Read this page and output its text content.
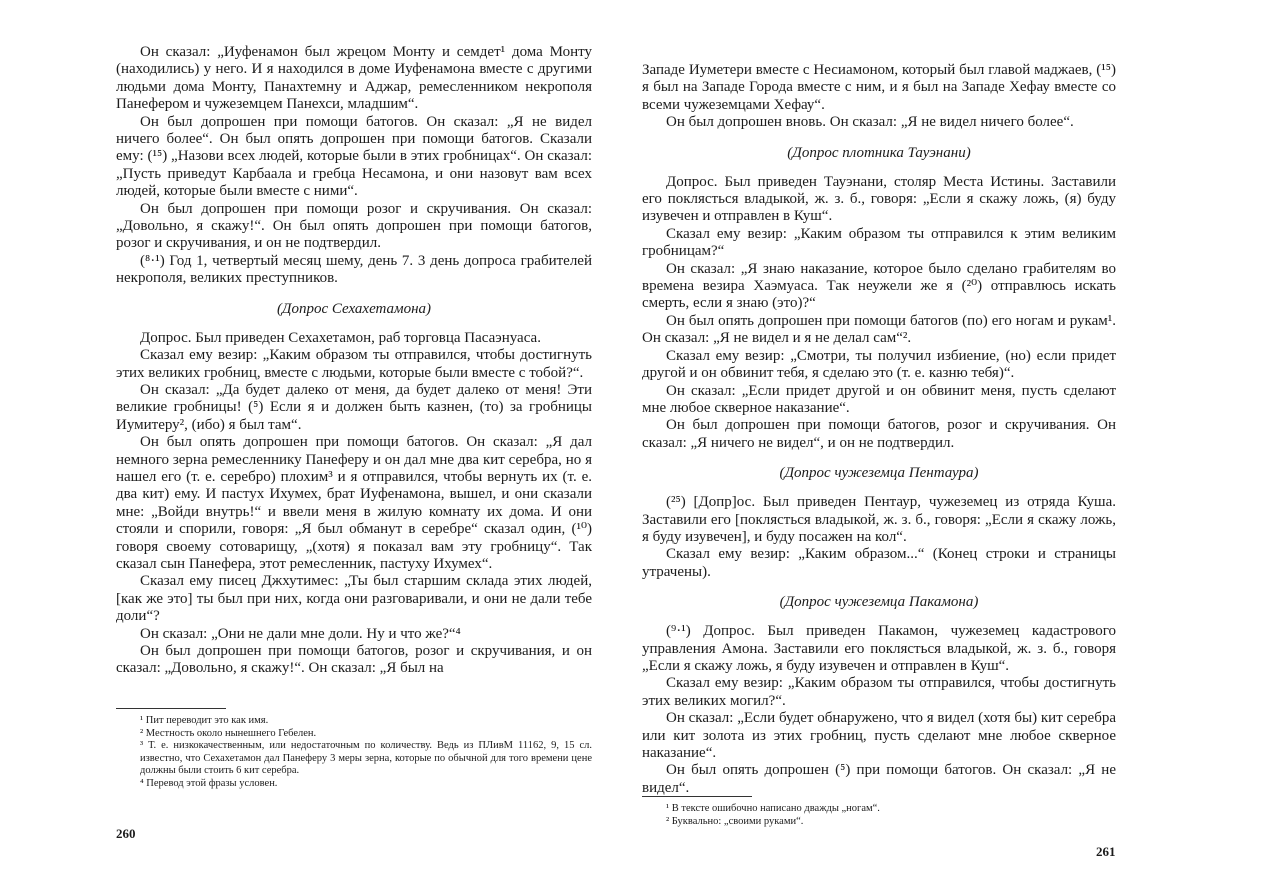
Он сказал: „Иуфенамон был жрецом Монту и семдет¹ дома Монту (находились) у него. И я находился в доме Иуфенамона вместе с другими людьми дома Монту, Панахтемну и Аджар, ремесленником некрополя Панефером и чужеземцем Панехси, младшим“.

Он был допрошен при помощи батогов. Он сказал: „Я не видел ничего более“. Он был опять допрошен при помощи батогов. Сказали ему: (¹⁵) „Назови всех людей, которые были в этих гробницах“. Он сказал: „Пусть приведут Карбаала и гребца Несамона, и они назовут вам всех людей, которые были вместе с ними“.

Он был допрошен при помощи розог и скручивания. Он сказал: „Довольно, я скажу!“. Он был опять допрошен при помощи батогов, розог и скручивания, и он не подтвердил.

(⁸·¹) Год 1, четвертый месяц шему, день 7. 3 день допроса грабителей некрополя, великих преступников.

(Допрос Сехахетамона)

Допрос. Был приведен Сехахетамон, раб торговца Пасаэнуаса.

Сказал ему везир: „Каким образом ты отправился, чтобы достигнуть этих великих гробниц, вместе с людьми, которые были вместе с тобой?“.

Он сказал: „Да будет далеко от меня, да будет далеко от меня! Эти великие гробницы! (⁵) Если я и должен быть казнен, (то) за гробницы Иумитеру², (ибо) я был там“.

Он был опять допрошен при помощи батогов. Он сказал: „Я дал немного зерна ремесленнику Панеферу и он дал мне два кит серебра, но я нашел его (т. е. серебро) плохим³ и я отправился, чтобы вернуть их (т. е. два кит) ему. И пастух Ихумех, брат Иуфенамона, вышел, и они сказали мне: „Войди внутрь!“ и ввели меня в жилую комнату их дома. И они стояли и спорили, говоря: „Я был обманут в серебре“ сказал один, (¹⁰) говоря своему сотоварищу, „(хотя) я показал вам эту гробницу“. Так сказал сын Панефера, этот ремесленник, пастуху Ихумех“.

Сказал ему писец Джхутимес: „Ты был старшим склада этих людей, [как же это] ты был при них, когда они разговаривали, и они не дали тебе доли“?

Он сказал: „Они не дали мне доли. Ну и что же?“⁴

Он был допрошен при помощи батогов, розог и скручивания, и он сказал: „Довольно, я скажу!“. Он сказал: „Я был на

¹ Пит переводит это как имя.

² Местность около нынешнего Гебелен.

³ Т. е. низкокачественным, или недостаточным по количеству. Ведь из ПЛивМ 11162, 9, 15 сл. известно, что Сехахетамон дал Панеферу 3 меры зерна, которые по обычной для того времени цене должны были стоить 6 кит серебра.

⁴ Перевод этой фразы условен.

260

Западе Иуметери вместе с Несиамоном, который был главой маджаев, (¹⁵) я был на Западе Города вместе с ним, и я был на Западе Хефау вместе со всеми чужеземцами Хефау“.

Он был допрошен вновь. Он сказал: „Я не видел ничего более“.

(Допрос плотника Тауэнани)

Допрос. Был приведен Тауэнани, столяр Места Истины. Заставили его поклясться владыкой, ж. з. б., говоря: „Если я скажу ложь, (я) буду изувечен и отправлен в Куш“.

Сказал ему везир: „Каким образом ты отправился к этим великим гробницам?“

Он сказал: „Я знаю наказание, которое было сделано грабителям во времена везира Хаэмуаса. Так неужели же я (²⁰) отправлюсь искать смерть, если я знаю (это)?“

Он был опять допрошен при помощи батогов (по) его ногам и рукам¹. Он сказал: „Я не видел и я не делал сам“².

Сказал ему везир: „Смотри, ты получил избиение, (но) если придет другой и он обвинит тебя, я сделаю это (т. е. казню тебя)“.

Он сказал: „Если придет другой и он обвинит меня, пусть сделают мне любое скверное наказание“.

Он был допрошен при помощи батогов, розог и скручивания. Он сказал: „Я ничего не видел“, и он не подтвердил.

(Допрос чужеземца Пентаура)

(²⁵) [Допр]ос. Был приведен Пентаур, чужеземец из отряда Куша. Заставили его [поклясться владыкой, ж. з. б., говоря: „Если я скажу ложь, я буду изувечен], и буду посажен на кол“.

Сказал ему везир: „Каким образом...“ (Конец строки и страницы утрачены).

(Допрос чужеземца Пакамона)

(⁹·¹) Допрос. Был приведен Пакамон, чужеземец кадастрового управления Амона. Заставили его поклясться владыкой, ж. з. б., говоря „Если я скажу ложь, я буду изувечен и отправлен в Куш“.

Сказал ему везир: „Каким образом ты отправился, чтобы достигнуть этих великих могил?“.

Он сказал: „Если будет обнаружено, что я видел (хотя бы) кит серебра или кит золота из этих гробниц, пусть сделают мне любое скверное наказание“.

Он был опять допрошен (⁵) при помощи батогов. Он сказал: „Я не видел“.

¹ В тексте ошибочно написано дважды „ногам“.

² Буквально: „своими руками“.

261
